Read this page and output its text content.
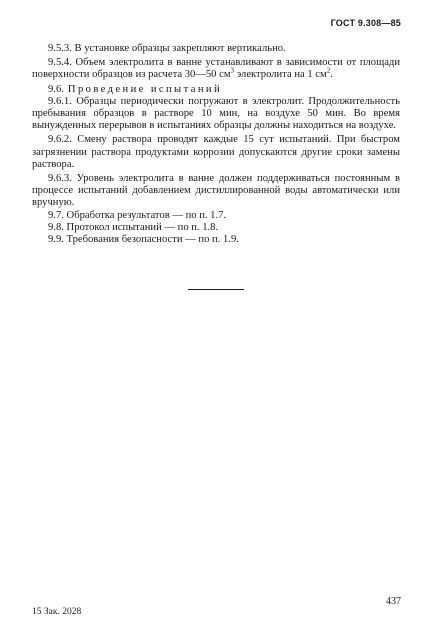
ГОСТ 9.308—85

9.5.3. В установке образцы закрепляют вертикально.

9.5.4. Объем электролита в ванне устанавливают в зависимости от площади поверхности образцов из расчета 30—50 $см^3$ электролита на 1 $см^2$.

9.6. Проведение испытаний

9.6.1. Образцы периодически погружают в электролит. Продолжительность пребывания образцов в растворе 10 мин, на воздухе 50 мин. Во время вынужденных перерывов в испытаниях образцы должны находиться на воздухе.

9.6.2. Смену раствора проводят каждые 15 сут испытаний. При быстром загрязнении раствора продуктами коррозии допускаются другие сроки замены раствора.

9.6.3. Уровень электролита в ванне должен поддерживаться постоянным в процессе испытаний добавлением дистиллированной воды автоматически или вручную.

9.7. Обработка результатов — по п. 1.7.

9.8. Протокол испытаний — по п. 1.8.

9.9. Требования безопасности — по п. 1.9.

15 Зак. 2028
437
